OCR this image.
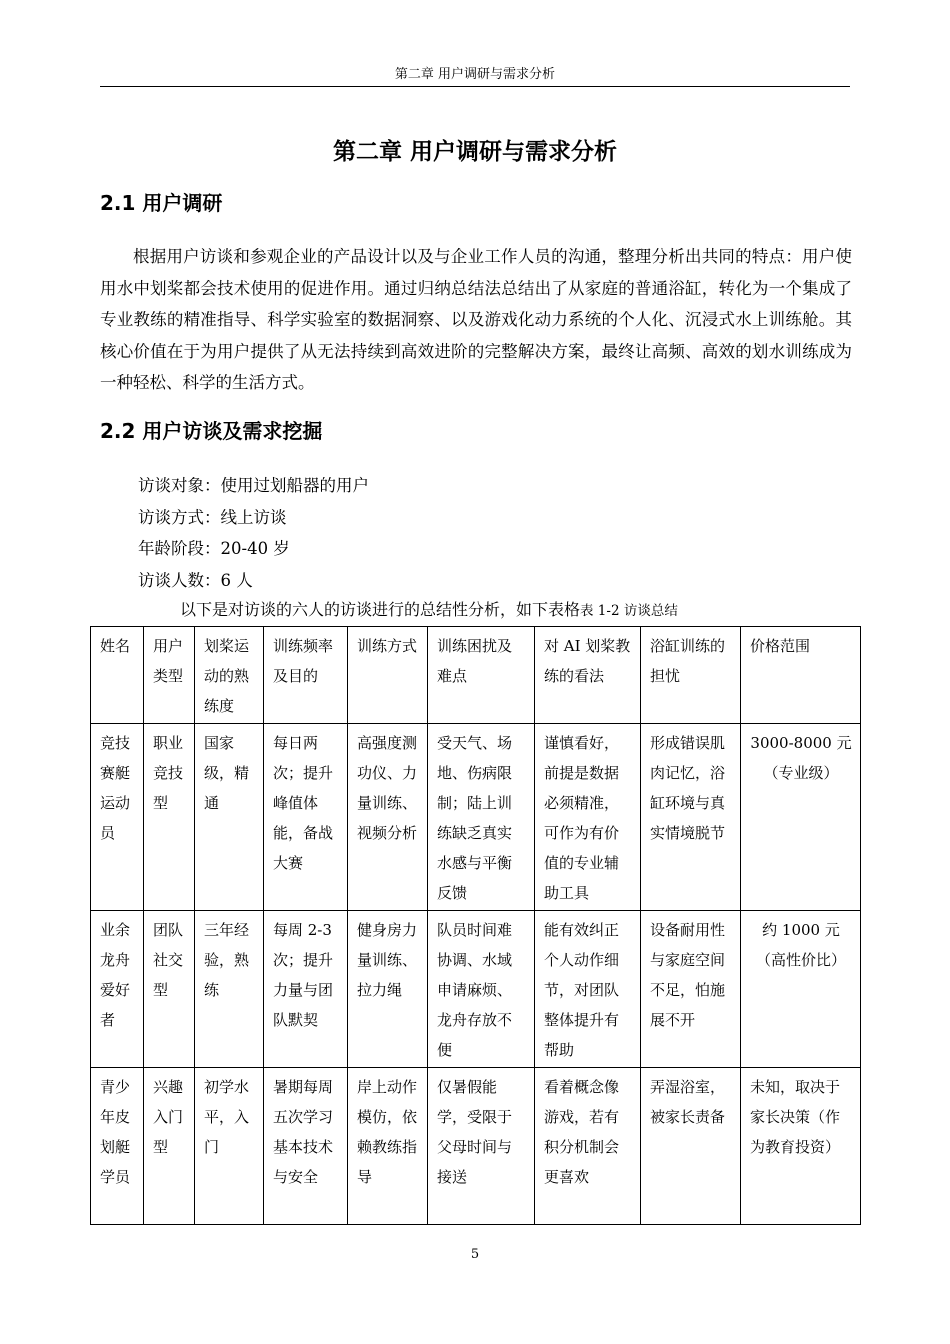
第二章 用户调研与需求分析
第二章 用户调研与需求分析
2.1 用户调研

根据用户访谈和参观企业的产品设计以及与企业工作人员的沟通，整理分析出共同的特点：用户使用水中划桨都会技术使用的促进作用。通过归纳总结法总结出了从家庭的普通浴缸，转化为一个集成了专业教练的精准指导、科学实验室的数据洞察、以及游戏化动力系统的个人化、沉浸式水上训练舱。其核心价值在于为用户提供了从无法持续到高效进阶的完整解决方案，最终让高频、高效的划水训练成为一种轻松、科学的生活方式。

2.2 用户访谈及需求挖掘
访谈对象：使用过划船器的用户
访谈方式：线上访谈
年龄阶段：20-40 岁
访谈人数：6 人
以下是对访谈的六人的访谈进行的总结性分析，如下表格表 1-2 访谈总结
姓名	用户类型	划桨运动的熟练度	训练频率及目的	训练方式	训练困扰及难点	对 AI 划桨教练的看法	浴缸训练的担忧	价格范围
竞技赛艇运动员	职业竞技型	国家级，精通	每日两次；提升峰值体能，备战大赛	高强度测功仪、力量训练、视频分析	受天气、场地、伤病限制；陆上训练缺乏真实水感与平衡反馈	谨慎看好，前提是数据必须精准，可作为有价值的专业辅助工具	形成错误肌肉记忆，浴缸环境与真实情境脱节	3000-8000 元（专业级）
业余龙舟爱好者	团队社交型	三年经验，熟练	每周 2-3 次；提升力量与团队默契	健身房力量训练、拉力绳	队员时间难协调、水域申请麻烦、龙舟存放不便	能有效纠正个人动作细节，对团队整体提升有帮助	设备耐用性与家庭空间不足，怕施展不开	约 1000 元（高性价比）
青少年皮划艇学员	兴趣入门型	初学水平，入门	暑期每周五次学习基本技术与安全	岸上动作模仿，依赖教练指导	仅暑假能学，受限于父母时间与接送	看着概念像游戏，若有积分机制会更喜欢	弄湿浴室，被家长责备	未知，取决于家长决策（作为教育投资）
5
